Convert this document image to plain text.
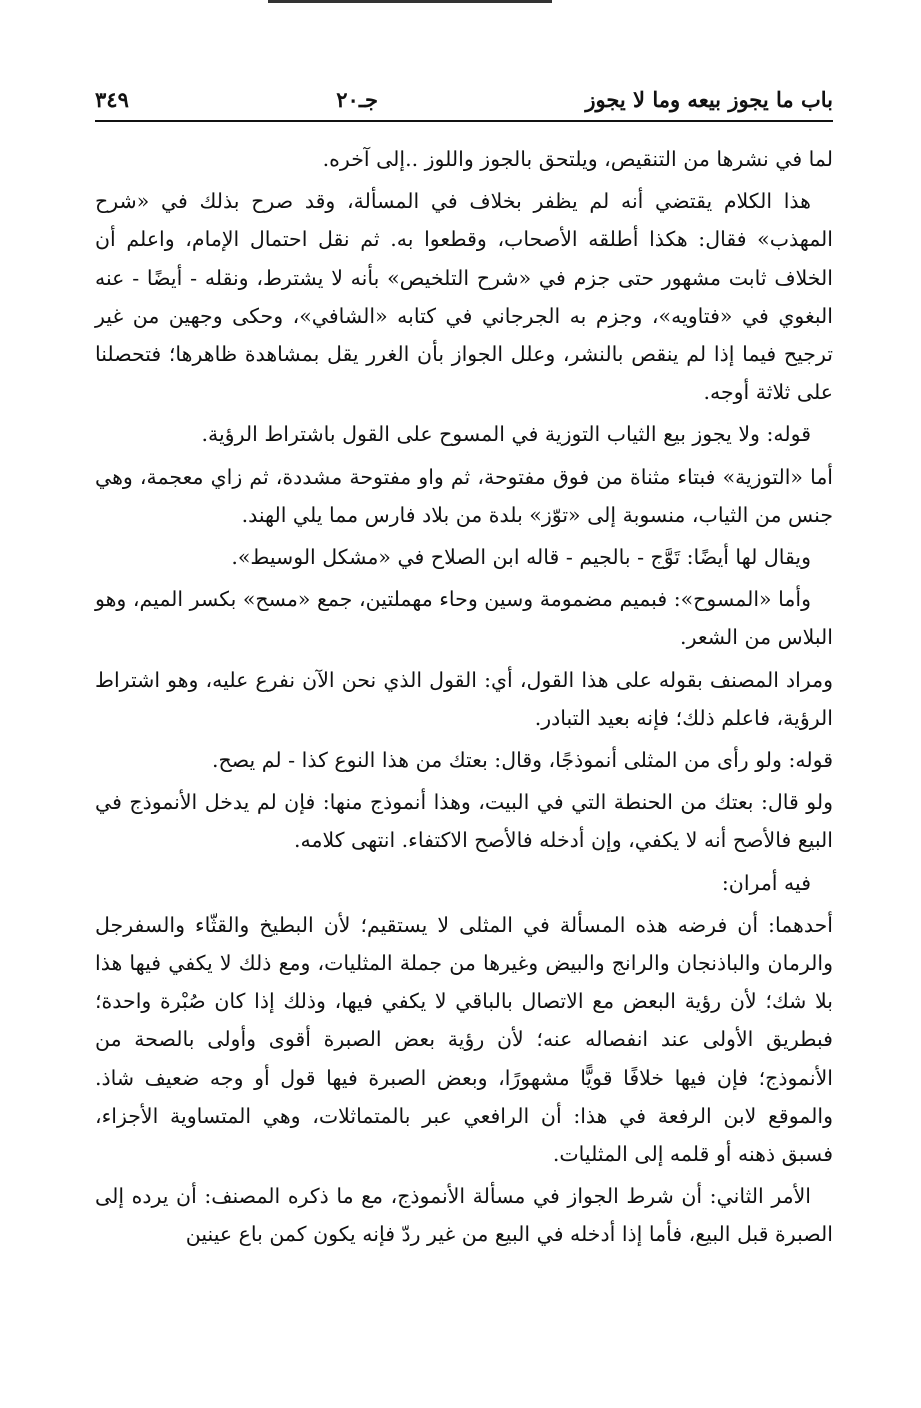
باب ما يجوز بيعه وما لا يجوز
جـ٢٠
٣٤٩

لما في نشرها من التنقيص، ويلتحق بالجوز واللوز ..إلى آخره.

هذا الكلام يقتضي أنه لم يظفر بخلاف في المسألة، وقد صرح بذلك في «شرح المهذب» فقال: هكذا أطلقه الأصحاب، وقطعوا به. ثم نقل احتمال الإمام، واعلم أن الخلاف ثابت مشهور حتى جزم في «شرح التلخيص» بأنه لا يشترط، ونقله - أيضًا - عنه البغوي في «فتاويه»، وجزم به الجرجاني في كتابه «الشافي»، وحكى وجهين من غير ترجيح فيما إذا لم ينقص بالنشر، وعلل الجواز بأن الغرر يقل بمشاهدة ظاهرها؛ فتحصلنا على ثلاثة أوجه.

قوله: ولا يجوز بيع الثياب التوزية في المسوح على القول باشتراط الرؤية.

أما «التوزية» فبتاء مثناة من فوق مفتوحة، ثم واو مفتوحة مشددة، ثم زاي معجمة، وهي جنس من الثياب، منسوبة إلى «توّز» بلدة من بلاد فارس مما يلي الهند.

ويقال لها أيضًا: تَوَّج - بالجيم - قاله ابن الصلاح في «مشكل الوسيط».

وأما «المسوح»: فبميم مضمومة وسين وحاء مهملتين، جمع «مسح» بكسر الميم، وهو البلاس من الشعر.

ومراد المصنف بقوله على هذا القول، أي: القول الذي نحن الآن نفرع عليه، وهو اشتراط الرؤية، فاعلم ذلك؛ فإنه بعيد التبادر.

قوله: ولو رأى من المثلى أنموذجًا، وقال: بعتك من هذا النوع كذا - لم يصح.

ولو قال: بعتك من الحنطة التي في البيت، وهذا أنموذج منها: فإن لم يدخل الأنموذج في البيع فالأصح أنه لا يكفي، وإن أدخله فالأصح الاكتفاء. انتهى كلامه.

فيه أمران:

أحدهما: أن فرضه هذه المسألة في المثلى لا يستقيم؛ لأن البطيخ والقثّاء والسفرجل والرمان والباذنجان والرانج والبيض وغيرها من جملة المثليات، ومع ذلك لا يكفي فيها هذا بلا شك؛ لأن رؤية البعض مع الاتصال بالباقي لا يكفي فيها، وذلك إذا كان صُبْرة واحدة؛ فبطريق الأولى عند انفصاله عنه؛ لأن رؤية بعض الصبرة أقوى وأولى بالصحة من الأنموذج؛ فإن فيها خلافًا قويًّا مشهورًا، وبعض الصبرة فيها قول أو وجه ضعيف شاذ. والموقع لابن الرفعة في هذا: أن الرافعي عبر بالمتماثلات، وهي المتساوية الأجزاء، فسبق ذهنه أو قلمه إلى المثليات.

الأمر الثاني: أن شرط الجواز في مسألة الأنموذج، مع ما ذكره المصنف: أن يرده إلى الصبرة قبل البيع، فأما إذا أدخله في البيع من غير ردّ فإنه يكون كمن باع عينين
